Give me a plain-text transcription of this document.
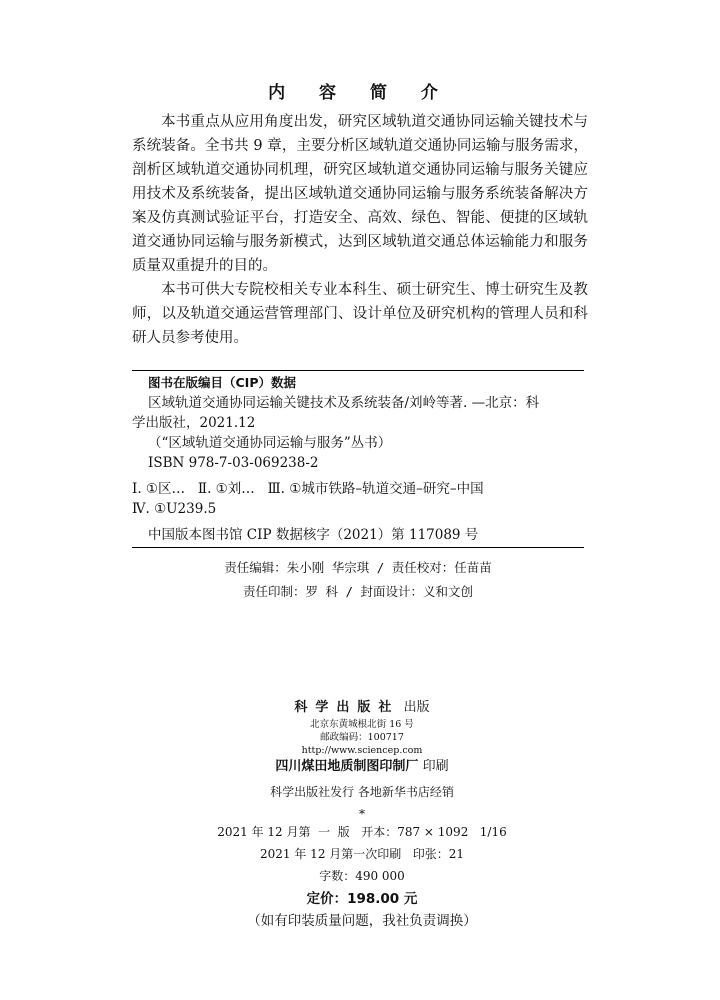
内 容 简 介

本书重点从应用角度出发，研究区域轨道交通协同运输关键技术与系统装备。全书共 9 章，主要分析区域轨道交通协同运输与服务需求，剖析区域轨道交通协同机理，研究区域轨道交通协同运输与服务关键应用技术及系统装备，提出区域轨道交通协同运输与服务系统装备解决方案及仿真测试验证平台，打造安全、高效、绿色、智能、便捷的区域轨道交通协同运输与服务新模式，达到区域轨道交通总体运输能力和服务质量双重提升的目的。

本书可供大专院校相关专业本科生、硕士研究生、博士研究生及教师，以及轨道交通运营管理部门、设计单位及研究机构的管理人员和科研人员参考使用。

图书在版编目（CIP）数据
区域轨道交通协同运输关键技术及系统装备/刘岭等著. —北京：科
学出版社，2021.12
（“区域轨道交通协同运输与服务”丛书）
ISBN 978-7-03-069238-2
Ⅰ. ①区…   Ⅱ. ①刘…   Ⅲ. ①城市铁路–轨道交通–研究–中国
Ⅳ. ①U239.5
中国版本图书馆 CIP 数据核字（2021）第 117089 号
责任编辑：朱小刚 华宗琪 / 责任校对：任苗苗
责任印制：罗 科 / 封面设计：义和文创
科学出版社 出版
北京东黄城根北街 16 号
邮政编码：100717
http://www.sciencep.com
四川煤田地质制图印制厂 印刷
科学出版社发行 各地新华书店经销
*
2021 年 12 月第  一  版   开本：787 × 1092   1/16
2021 年 12 月第一次印刷   印张：21
字数：490 000
定价：198.00 元
（如有印装质量问题，我社负责调换）
